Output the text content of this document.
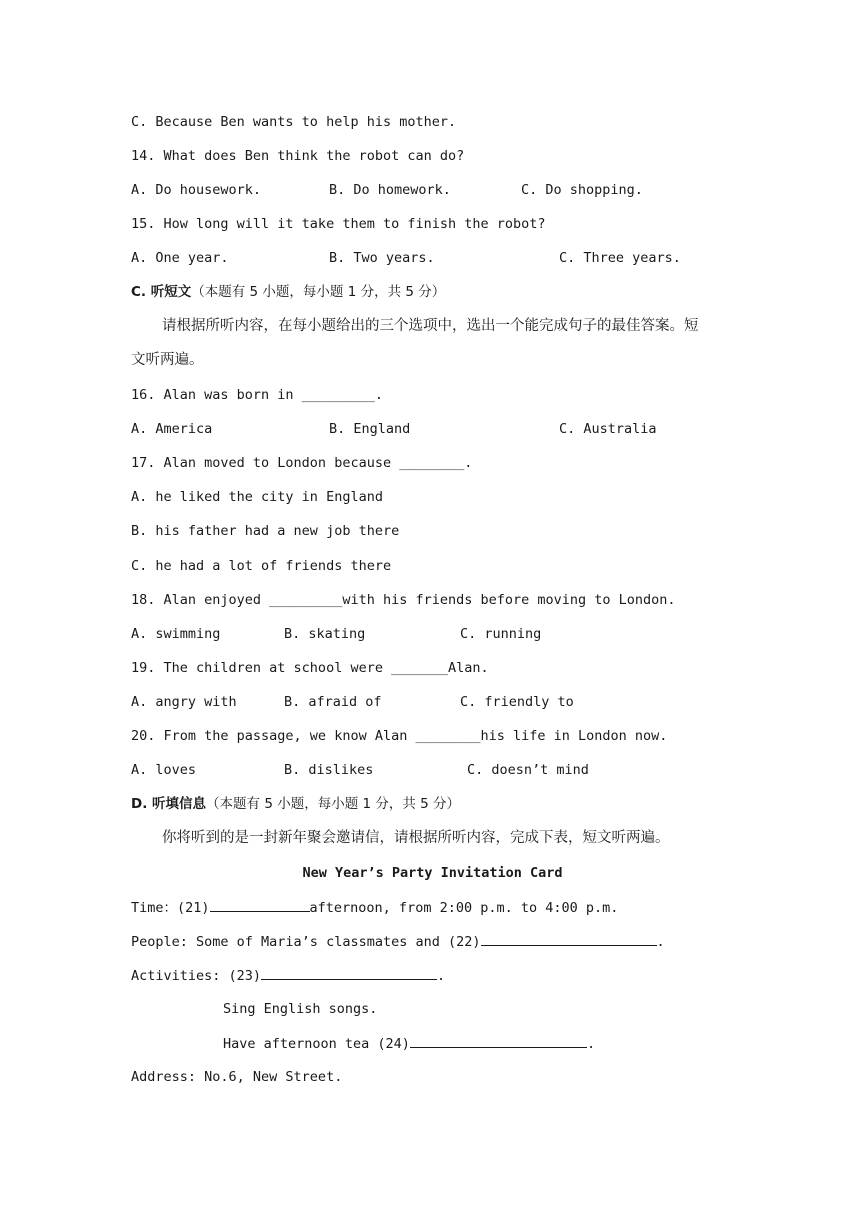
C. Because Ben wants to help his mother.
14. What does Ben think the robot can do?
A. Do housework.	B. Do homework.	C. Do shopping.
15. How long will it take them to finish the robot?
A. One year.	B. Two years.	C. Three years.
C. 听短文（本题有 5 小题，每小题 1 分，共 5 分）
请根据所听内容，在每小题给出的三个选项中，选出一个能完成句子的最佳答案。短
文听两遍。
16. Alan was born in _________.
A. America	B. England	C. Australia
17. Alan moved to London because ________.
A. he liked the city in England
B. his father had a new job there
C. he had a lot of friends there
18. Alan enjoyed _________with his friends before moving to London.
A. swimming	B. skating	C. running
19. The children at school were _______Alan.
A. angry with	B. afraid of	C. friendly to
20. From the passage, we know Alan ________his life in London now.
A. loves	B. dislikes	C. doesn’t mind
D. 听填信息（本题有 5 小题，每小题 1 分，共 5 分）
你将听到的是一封新年聚会邀请信，请根据所听内容，完成下表，短文听两遍。
New Year’s Party Invitation Card
Time：(21)	afternoon, from 2:00 p.m. to 4:00 p.m.
People: Some of Maria’s classmates and (22)	.
Activities: (23)	.
Sing English songs.
Have afternoon tea (24)	.
Address: No.6, New Street.
